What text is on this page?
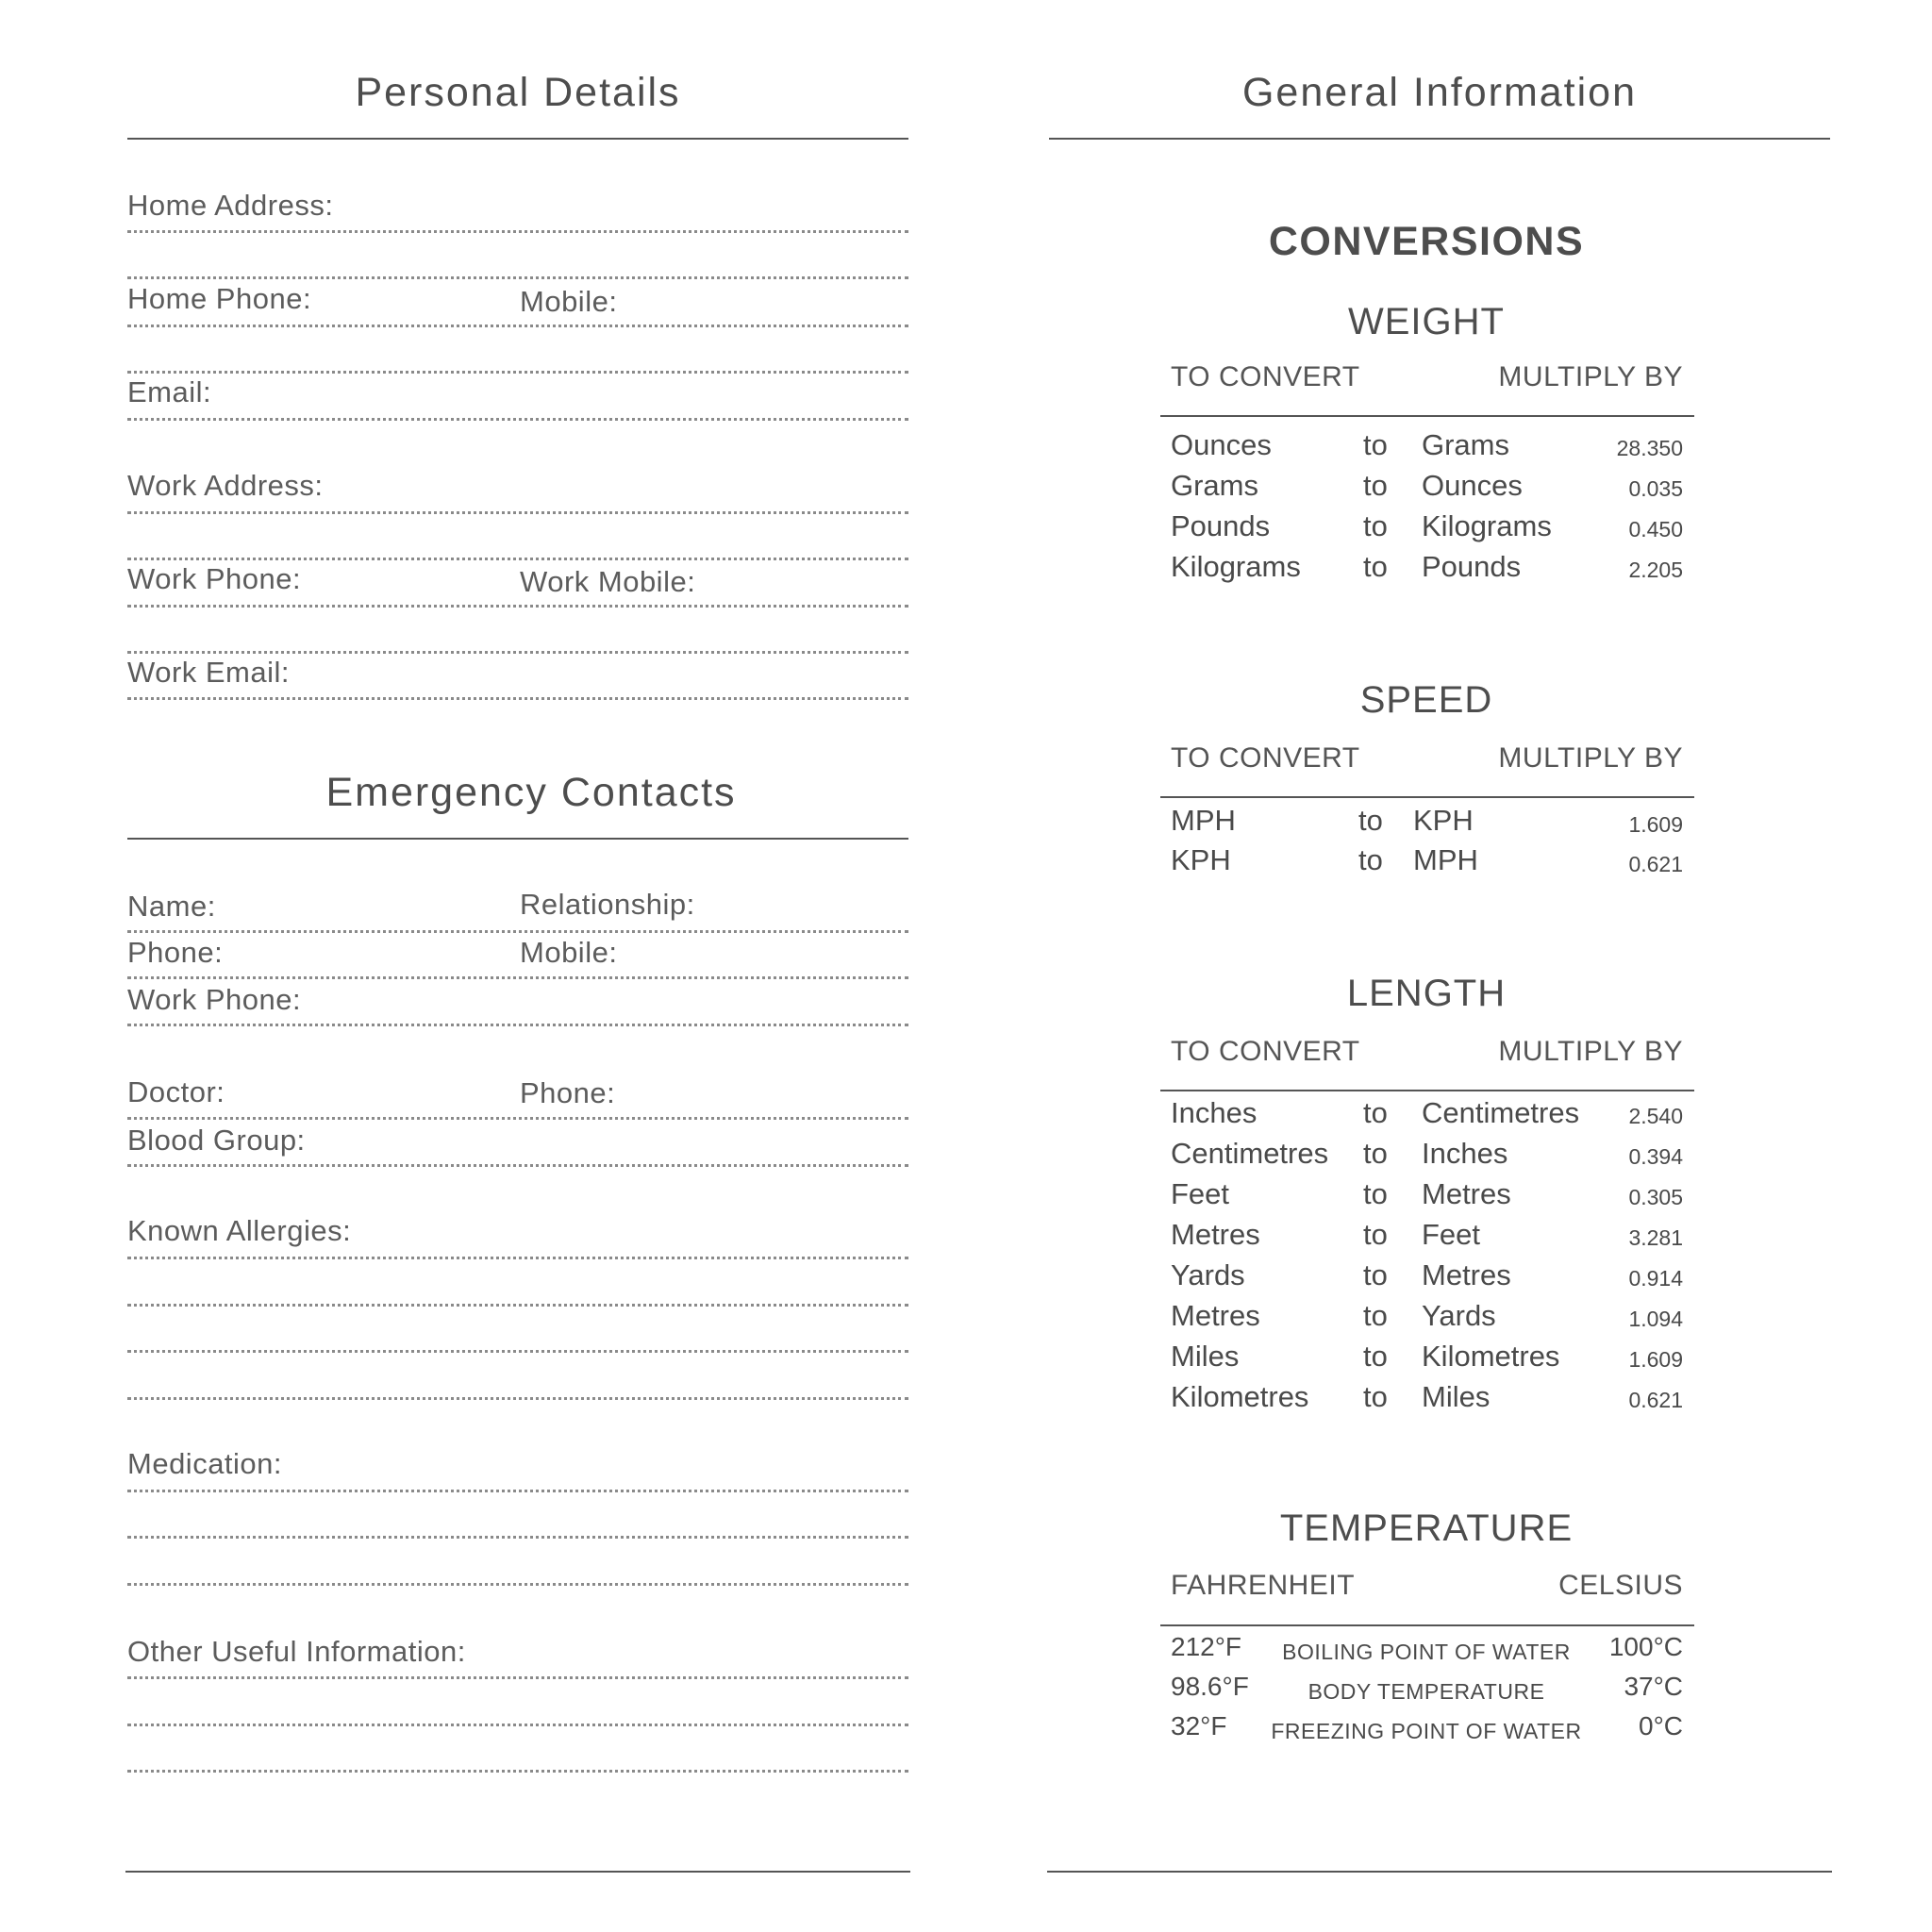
Personal Details
Home Address:
Home Phone:	Mobile:
Email:
Work Address:
Work Phone:	Work Mobile:
Work Email:
Emergency Contacts
Name:	Relationship:
Phone:	Mobile:
Work Phone:
Doctor:	Phone:
Blood Group:
Known Allergies:
Medication:
Other Useful Information:
General Information
CONVERSIONS
WEIGHT
TO CONVERT	MULTIPLY BY
Ounces	to Grams	28.350
Grams	to Ounces	0.035
Pounds	to Kilograms	0.450
Kilograms to Pounds	2.205
SPEED
TO CONVERT	MULTIPLY BY
MPH	to KPH	1.609
KPH	to MPH	0.621
LENGTH
TO CONVERT	MULTIPLY BY
Inches	to Centimetres	2.540
Centimetres to Inches	0.394
Feet	to Metres	0.305
Metres	to Feet	3.281
Yards	to Metres	0.914
Metres	to Yards	1.094
Miles	to Kilometres	1.609
Kilometres to Miles	0.621
TEMPERATURE
FAHRENHEIT	CELSIUS
212°F	BOILING POINT OF WATER	100°C
98.6°F	BODY TEMPERATURE	37°C
32°F	FREEZING POINT OF WATER	0°C
